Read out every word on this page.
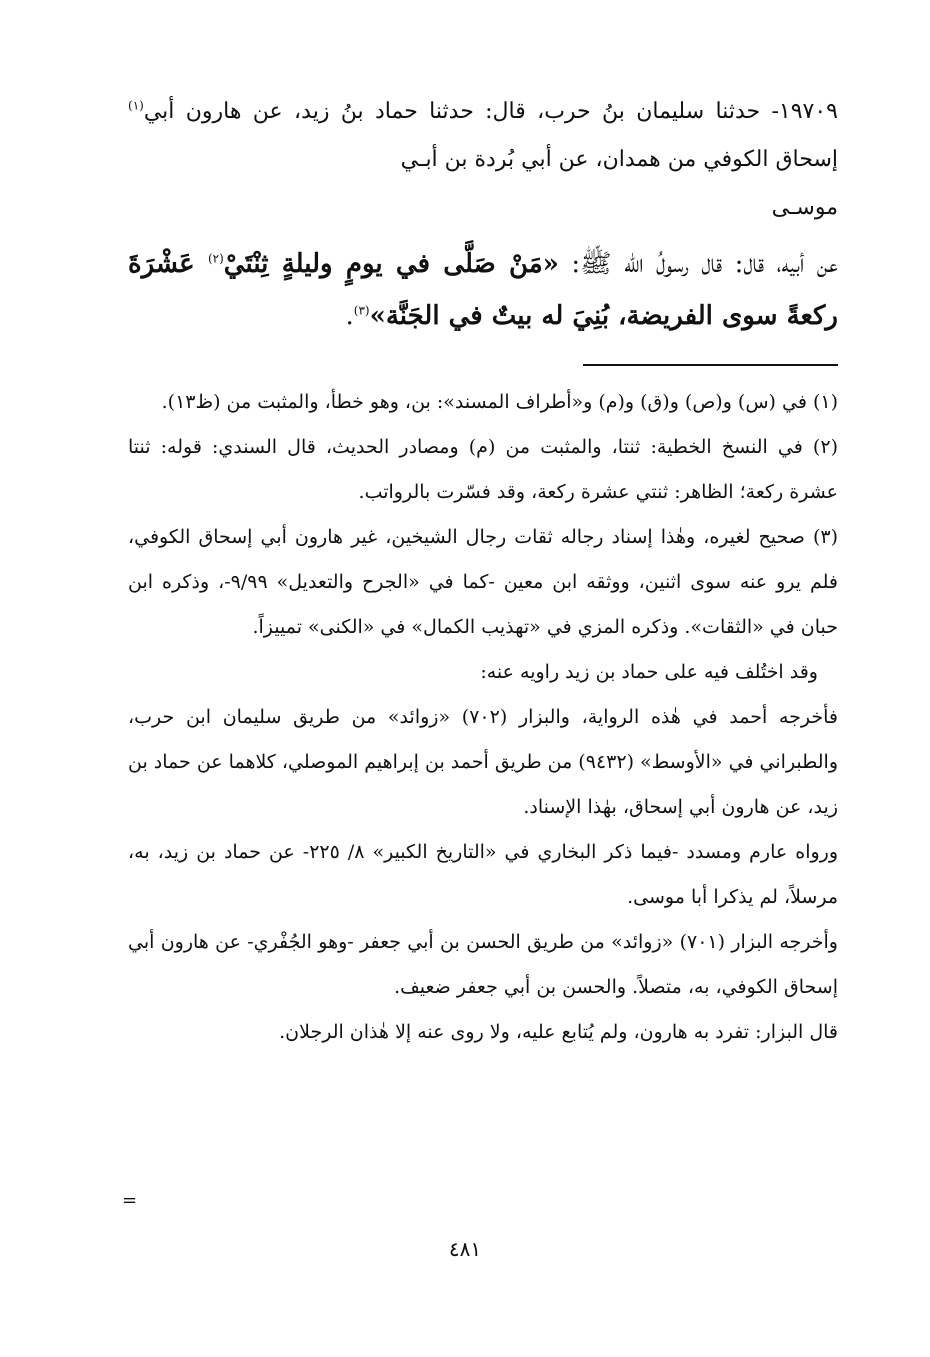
١٩٧٠٩- حدثنا سليمان بنُ حرب، قال: حدثنا حماد بنُ زيد، عن هارون أبي$^{(١)}$ إسحاق الكوفي من همدان، عن أبي بُردة بن أبـي
موسـى

عن أبيه، قال: قال رسولُ الله ﷺ: «مَنْ صَلَّى في يومٍ وليلةٍ ثِنْتَيْ$^{(٢)}$ عَشْرَةَ ركعةً سوى الفريضة، بُنِيَ له بيتٌ في الجَنَّة»$^{(٣)}$.

(١) في (س) و(ص) و(ق) و(م) و«أطراف المسند»: بن، وهو خطأ، والمثبت من (ظ١٣).

(٢) في النسخ الخطية: ثنتا، والمثبت من (م) ومصادر الحديث، قال السندي: قوله: ثنتا عشرة ركعة؛ الظاهر: ثنتي عشرة ركعة، وقد فسّرت بالرواتب.

(٣) صحيح لغيره، وهٰذا إسناد رجاله ثقات رجال الشيخين، غير هارون أبي إسحاق الكوفي، فلم يرو عنه سوى اثنين، ووثقه ابن معين -كما في «الجرح والتعديل» ٩/٩٩-، وذكره ابن حبان في «الثقات». وذكره المزي في «تهذيب الكمال» في «الكنى» تمييزاً.

وقد اختُلف فيه على حماد بن زيد راويه عنه:

فأخرجه أحمد في هٰذه الرواية، والبزار (٧٠٢) «زوائد» من طريق سليمان ابن حرب، والطبراني في «الأوسط» (٩٤٣٢) من طريق أحمد بن إبراهيم الموصلي، كلاهما عن حماد بن زيد، عن هارون أبي إسحاق، بهٰذا الإسناد.

ورواه عارم ومسدد -فيما ذكر البخاري في «التاريخ الكبير» ٨/ ٢٢٥- عن حماد بن زيد، به، مرسلاً، لم يذكرا أبا موسى.

وأخرجه البزار (٧٠١) «زوائد» من طريق الحسن بن أبي جعفر -وهو الجُفْري- عن هارون أبي إسحاق الكوفي، به، متصلاً. والحسن بن أبي جعفر ضعيف.

قال البزار: تفرد به هارون، ولم يُتابع عليه، ولا روى عنه إلا هٰذان الرجلان.

=
٤٨١
